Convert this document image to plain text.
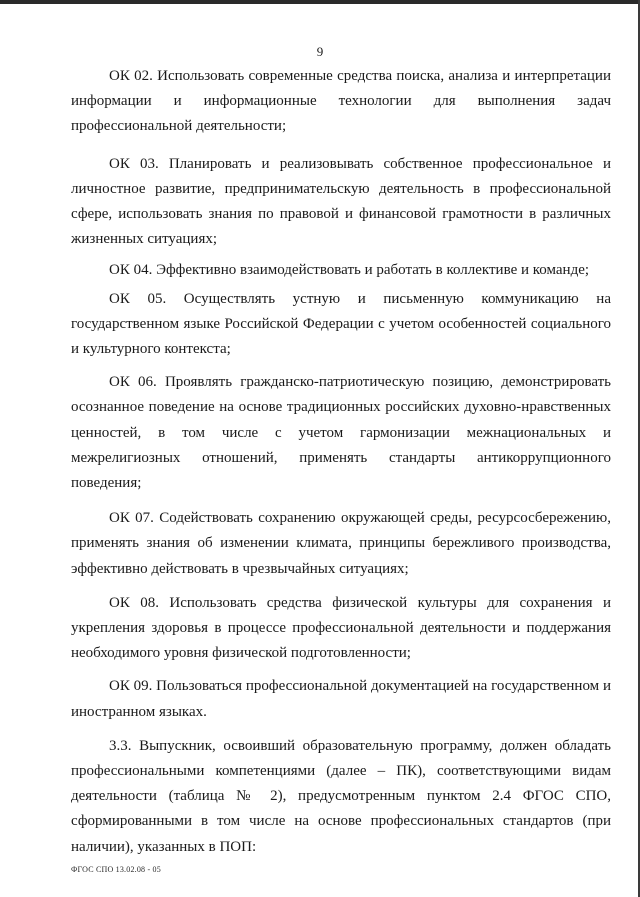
9

ОК 02. Использовать современные средства поиска, анализа и интерпретации информации и информационные технологии для выполнения задач профессиональной деятельности;

ОК 03. Планировать и реализовывать собственное профессиональное и личностное развитие, предпринимательскую деятельность в профессиональной сфере, использовать знания по правовой и финансовой грамотности в различных жизненных ситуациях;

ОК 04. Эффективно взаимодействовать и работать в коллективе и команде;

ОК 05. Осуществлять устную и письменную коммуникацию на государственном языке Российской Федерации с учетом особенностей социального и культурного контекста;

ОК 06. Проявлять гражданско-патриотическую позицию, демонстрировать осознанное поведение на основе традиционных российских духовно-нравственных ценностей, в том числе с учетом гармонизации межнациональных и межрелигиозных отношений, применять стандарты антикоррупционного поведения;

ОК 07. Содействовать сохранению окружающей среды, ресурсосбережению, применять знания об изменении климата, принципы бережливого производства, эффективно действовать в чрезвычайных ситуациях;

ОК 08. Использовать средства физической культуры для сохранения и укрепления здоровья в процессе профессиональной деятельности и поддержания необходимого уровня физической подготовленности;

ОК 09. Пользоваться профессиональной документацией на государственном и иностранном языках.

3.3. Выпускник, освоивший образовательную программу, должен обладать профессиональными компетенциями (далее – ПК), соответствующими видам деятельности (таблица № 2), предусмотренным пунктом 2.4 ФГОС СПО, сформированными в том числе на основе профессиональных стандартов (при наличии), указанных в ПОП:

ФГОС СПО 13.02.08 - 05
